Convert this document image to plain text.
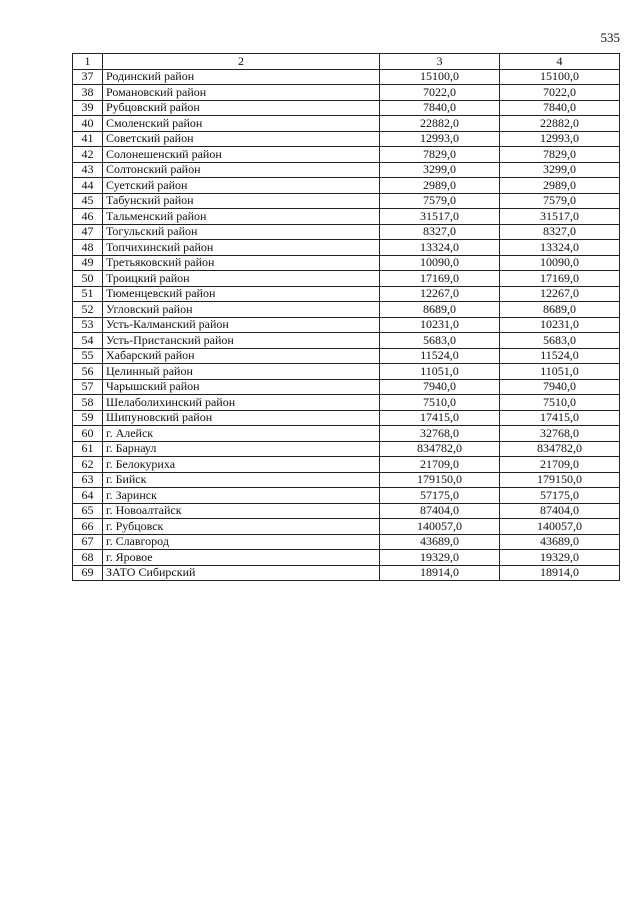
535
1	2	3	4
37	Родинский район	15100,0	15100,0
38	Романовский район	7022,0	7022,0
39	Рубцовский район	7840,0	7840,0
40	Смоленский район	22882,0	22882,0
41	Советский район	12993,0	12993,0
42	Солонешенский район	7829,0	7829,0
43	Солтонский район	3299,0	3299,0
44	Суетский район	2989,0	2989,0
45	Табунский район	7579,0	7579,0
46	Тальменский район	31517,0	31517,0
47	Тогульский район	8327,0	8327,0
48	Топчихинский район	13324,0	13324,0
49	Третьяковский район	10090,0	10090,0
50	Троицкий район	17169,0	17169,0
51	Тюменцевский район	12267,0	12267,0
52	Угловский район	8689,0	8689,0
53	Усть-Калманский район	10231,0	10231,0
54	Усть-Пристанский район	5683,0	5683,0
55	Хабарский район	11524,0	11524,0
56	Целинный район	11051,0	11051,0
57	Чарышский район	7940,0	7940,0
58	Шелаболихинский район	7510,0	7510,0
59	Шипуновский район	17415,0	17415,0
60	г. Алейск	32768,0	32768,0
61	г. Барнаул	834782,0	834782,0
62	г. Белокуриха	21709,0	21709,0
63	г. Бийск	179150,0	179150,0
64	г. Заринск	57175,0	57175,0
65	г. Новоалтайск	87404,0	87404,0
66	г. Рубцовск	140057,0	140057,0
67	г. Славгород	43689,0	43689,0
68	г. Яровое	19329,0	19329,0
69	ЗАТО Сибирский	18914,0	18914,0
